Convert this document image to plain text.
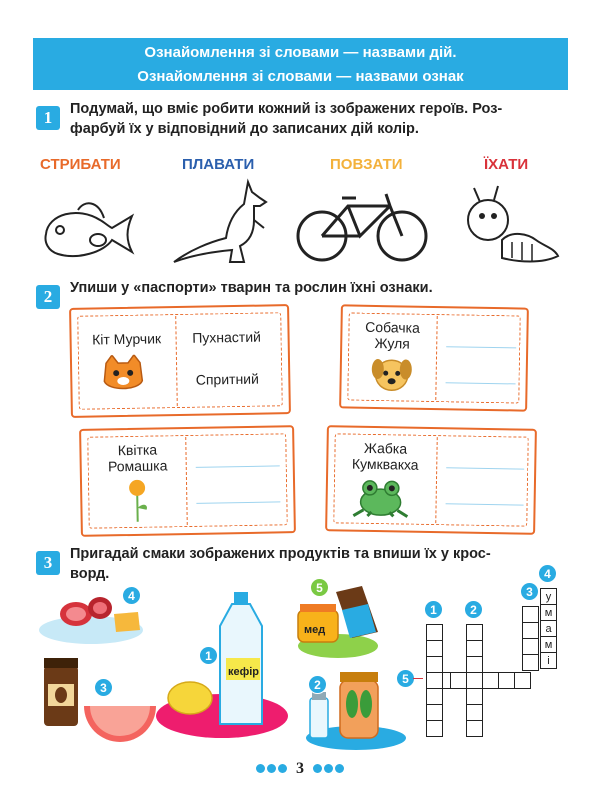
Ознайомлення зі словами — назвами дій.
Ознайомлення зі словами — назвами ознак
1	Подумай, що вміє робити кожний із зображених героїв. Роз-
фарбуй їх у відповідний до записаних дій колір.
СТРИБАТИ	ПЛАВАТИ	ПОВЗАТИ	ЇХАТИ
2	Упиши у «паспорти» тварин та рослин їхні ознаки.
Кіт Мурчик	Пухнастий
Спритний
Собачка
Жуля
Квітка
Ромашка
Жабка
Кумквакха
3	Пригадай смаки зображених продуктів та впиши їх у крос-
ворд.
кефір
мед
1
2
3
4
5
1	2
3
4
5
у
м
а
м
і
3
